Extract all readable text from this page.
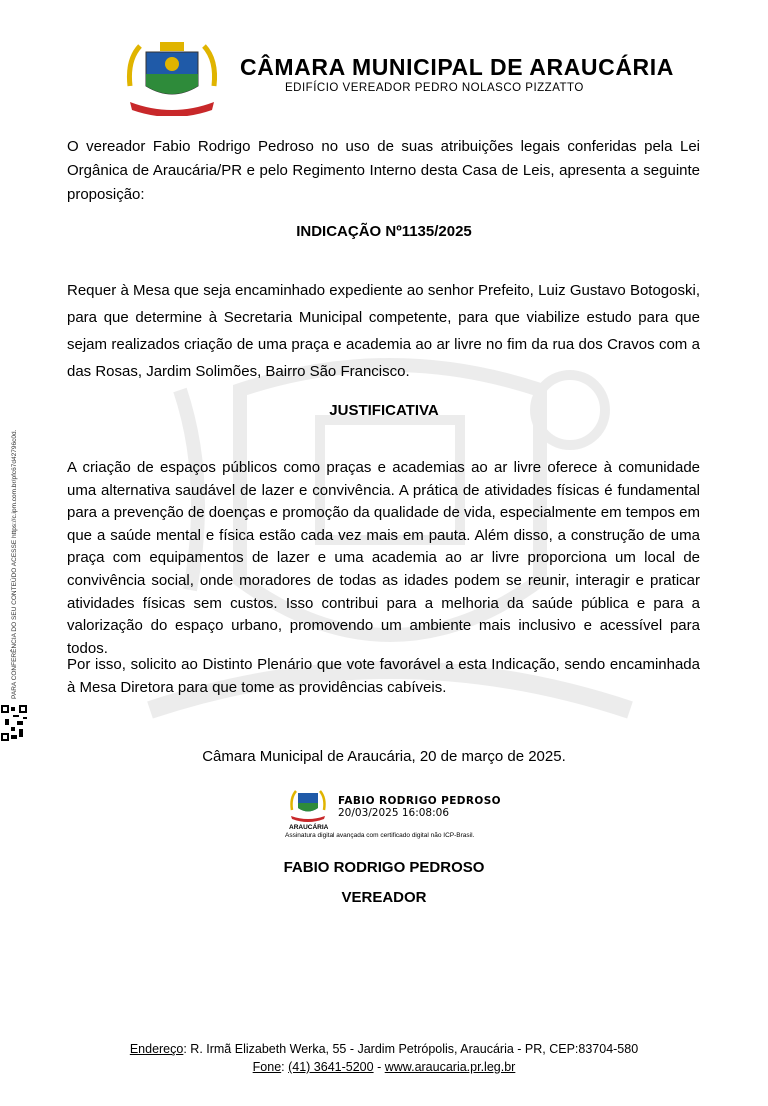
CÂMARA MUNICIPAL DE ARAUCÁRIA
EDIFÍCIO VEREADOR PEDRO NOLASCO PIZZATTO
PARA CONFERÊNCIA DO SEU CONTEÚDO ACESSE https://c.ipm.com.br/pfc67d42796c0d.

O vereador Fabio Rodrigo Pedroso no uso de suas atribuições legais conferidas pela Lei Orgânica de Araucária/PR e pelo Regimento Interno desta Casa de Leis, apresenta a seguinte proposição:

INDICAÇÃO Nº1135/2025

Requer à Mesa que seja encaminhado expediente ao senhor Prefeito, Luiz Gustavo Botogoski, para que determine à Secretaria Municipal competente, para que viabilize estudo para que sejam realizados criação de uma praça e academia ao ar livre no fim da rua dos Cravos com a das Rosas, Jardim Solimões, Bairro São Francisco.

JUSTIFICATIVA

A criação de espaços públicos como praças e academias ao ar livre oferece à comunidade uma alternativa saudável de lazer e convivência. A prática de atividades físicas é fundamental para a prevenção de doenças e promoção da qualidade de vida, especialmente em tempos em que a saúde mental e física estão cada vez mais em pauta. Além disso, a construção de uma praça com equipamentos de lazer e uma academia ao ar livre proporciona um local de convivência social, onde moradores de todas as idades podem se reunir, interagir e praticar atividades físicas sem custos. Isso contribui para a melhoria da saúde pública e para a valorização do espaço urbano, promovendo um ambiente mais inclusivo e acessível para todos.

Por isso, solicito ao Distinto Plenário que vote favorável a esta Indicação, sendo encaminhada à Mesa Diretora para que tome as providências cabíveis.

Câmara Municipal de Araucária, 20 de março de 2025.

ARAUCÁRIA
FABIO RODRIGO PEDROSO
20/03/2025 16:08:06
Assinatura digital avançada com certificado digital não ICP-Brasil.

FABIO RODRIGO PEDROSO

VEREADOR

Endereço: R. Irmã Elizabeth Werka, 55 - Jardim Petrópolis, Araucária - PR, CEP:83704-580
Fone: (41) 3641-5200 - www.araucaria.pr.leg.br
